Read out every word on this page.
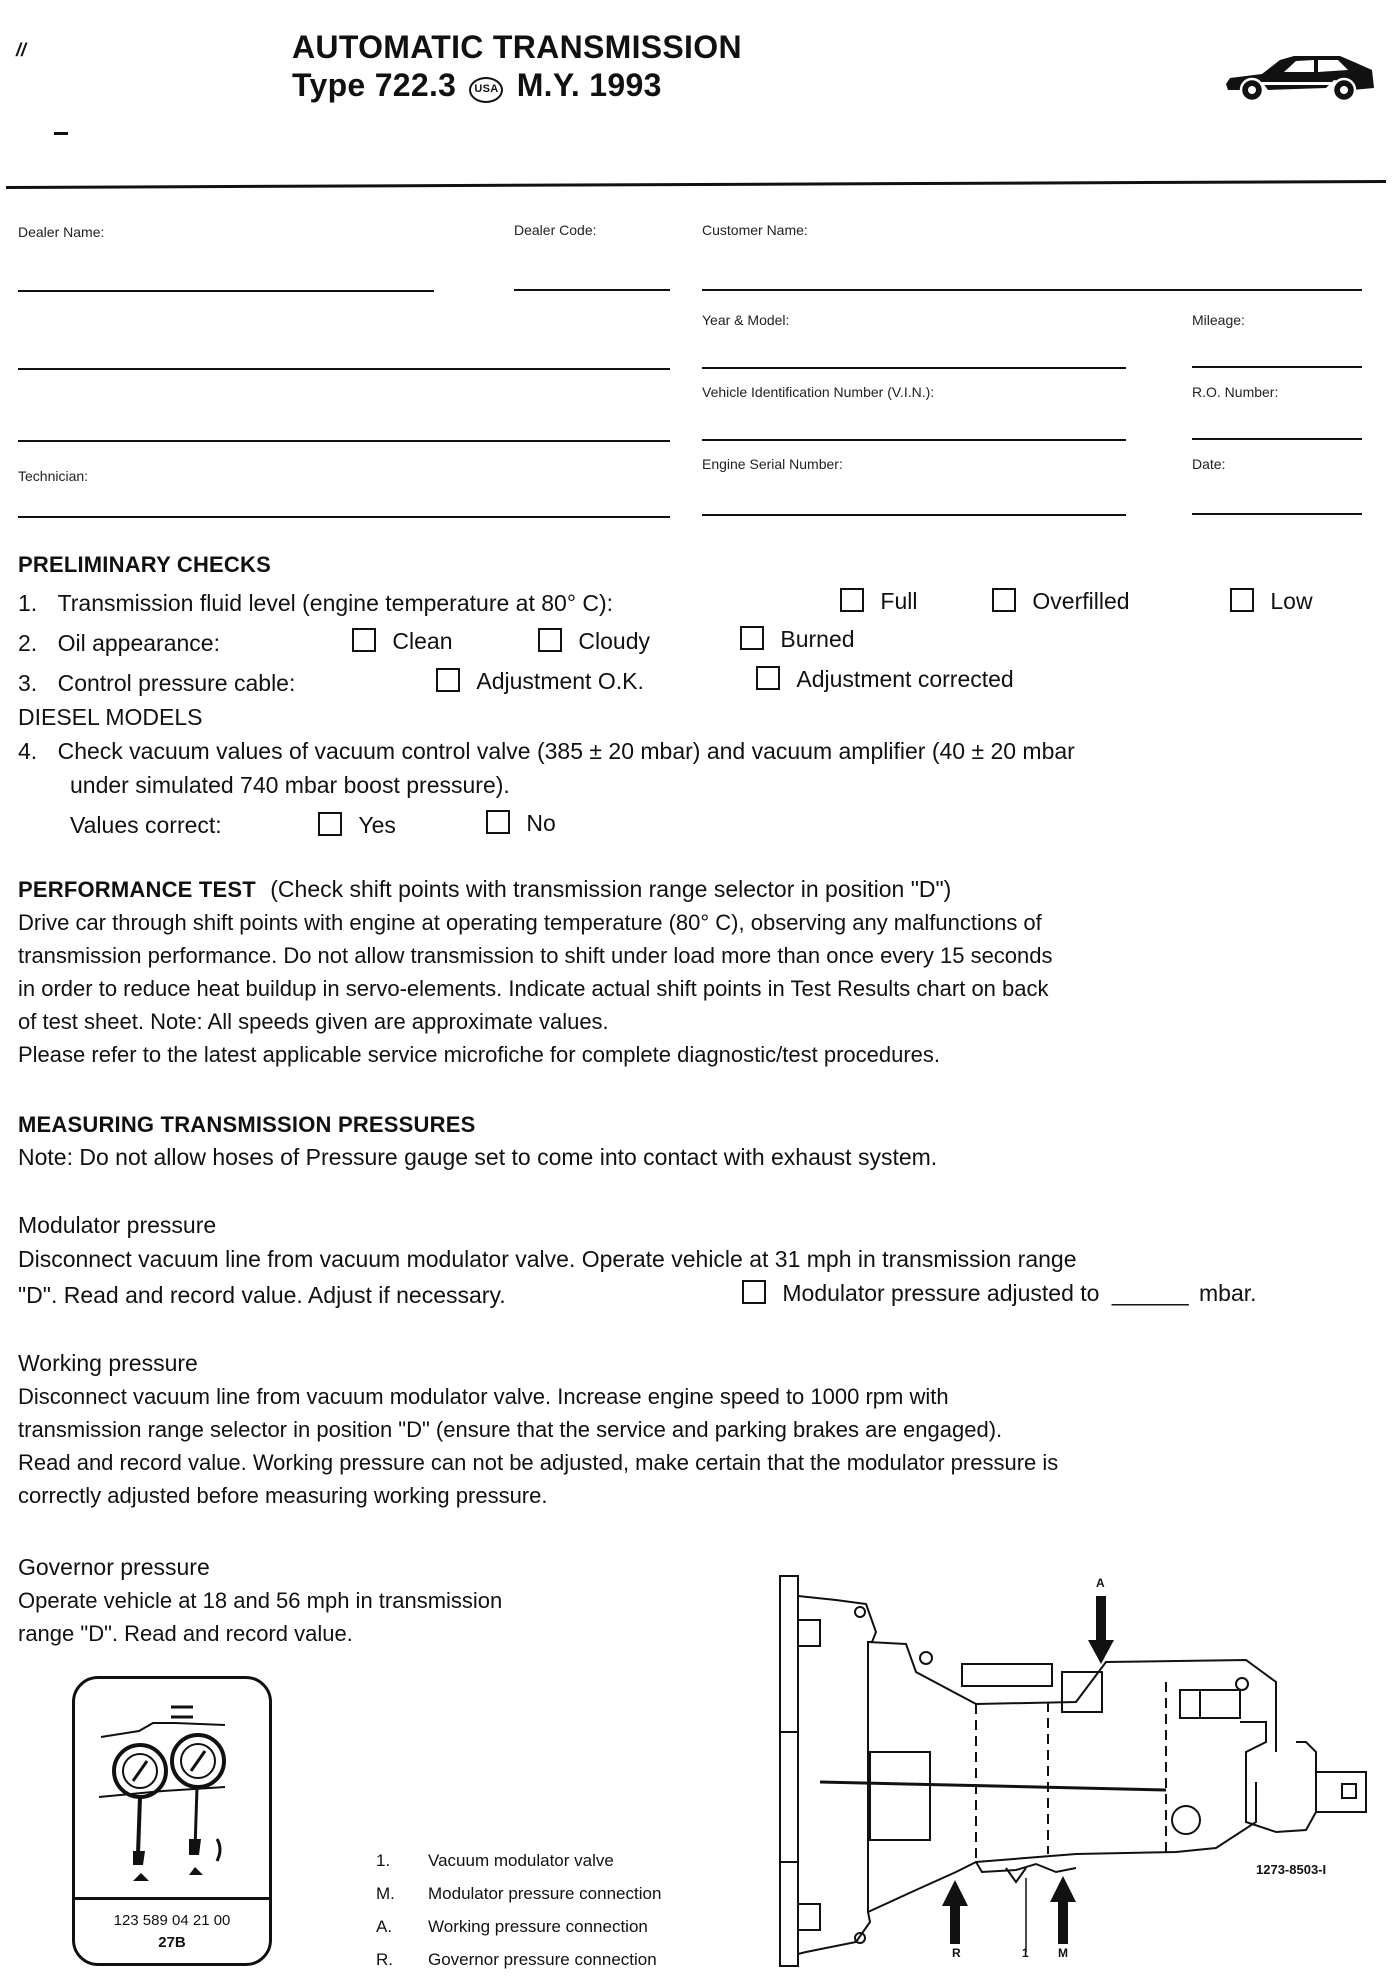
//	AUTOMATIC TRANSMISSION
Type 722.3 USA M.Y. 1993
Dealer Name:	Dealer Code:	Customer Name:
Year & Model:	Mileage:
Vehicle Identification Number (V.I.N.):	R.O. Number:
Technician:
Engine Serial Number:	Date:
PRELIMINARY CHECKS
1. Transmission fluid level (engine temperature at 80° C):	Full	Overfilled	Low
2. Oil appearance:	Clean	Cloudy	Burned
3. Control pressure cable:	Adjustment O.K.	Adjustment corrected
DIESEL MODELS
4. Check vacuum values of vacuum control valve (385 ± 20 mbar) and vacuum amplifier (40 ± 20 mbar
under simulated 740 mbar boost pressure).
Values correct:	Yes	No
PERFORMANCE TEST (Check shift points with transmission range selector in position "D")
Drive car through shift points with engine at operating temperature (80° C), observing any malfunctions of
transmission performance. Do not allow transmission to shift under load more than once every 15 seconds
in order to reduce heat buildup in servo-elements. Indicate actual shift points in Test Results chart on back
of test sheet. Note: All speeds given are approximate values.
Please refer to the latest applicable service microfiche for complete diagnostic/test procedures.
MEASURING TRANSMISSION PRESSURES
Note: Do not allow hoses of Pressure gauge set to come into contact with exhaust system.
Modulator pressure
Disconnect vacuum line from vacuum modulator valve. Operate vehicle at 31 mph in transmission range
"D". Read and record value. Adjust if necessary.	Modulator pressure adjusted to ______ mbar.
Working pressure
Disconnect vacuum line from vacuum modulator valve. Increase engine speed to 1000 rpm with
transmission range selector in position "D" (ensure that the service and parking brakes are engaged).
Read and record value. Working pressure can not be adjusted, make certain that the modulator pressure is
correctly adjusted before measuring working pressure.
Governor pressure
Operate vehicle at 18 and 56 mph in transmission
range "D". Read and record value.
123 589 04 21 00
27B
1. Vacuum modulator valve
M. Modulator pressure connection
A. Working pressure connection
R. Governor pressure connection
A
R	1 M
1273-8503-I
